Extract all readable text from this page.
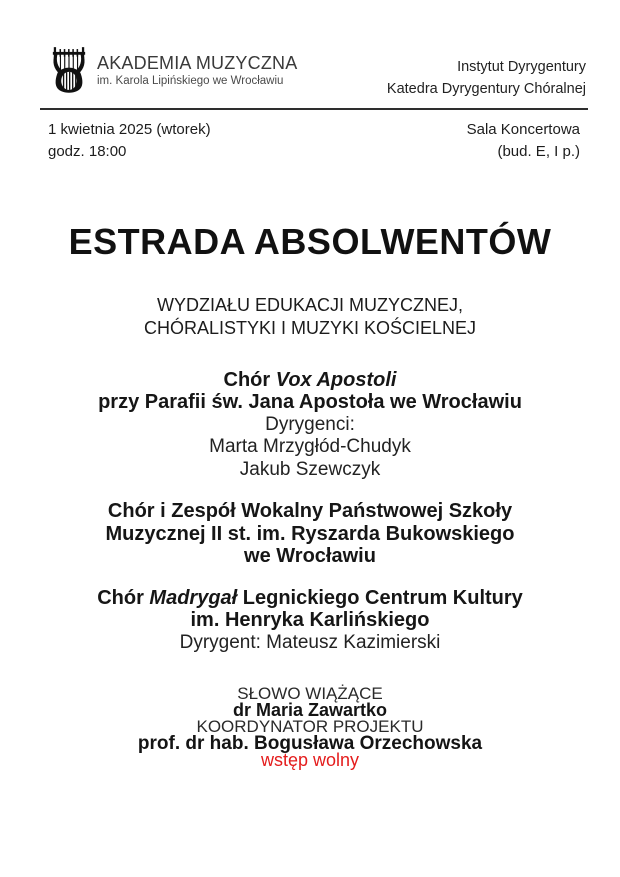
AKADEMIA MUZYCZNA
im. Karola Lipińskiego we Wrocławiu
Instytut Dyrygentury
Katedra Dyrygentury Chóralnej
1 kwietnia 2025 (wtorek)
godz. 18:00
Sala Koncertowa
(bud. E, I p.)
ESTRADA ABSOLWENTÓW
WYDZIAŁU EDUKACJI MUZYCZNEJ,
CHÓRALISTYKI I MUZYKI KOŚCIELNEJ

Chór Vox Apostoli

przy Parafii św. Jana Apostoła we Wrocławiu

Dyrygenci:

Marta Mrzygłód-Chudyk

Jakub Szewczyk

Chór i Zespół Wokalny Państwowej Szkoły

Muzycznej II st. im. Ryszarda Bukowskiego

we Wrocławiu

Chór Madrygał Legnickiego Centrum Kultury

im. Henryka Karlińskiego

Dyrygent: Mateusz Kazimierski

SŁOWO WIĄŻĄCE

dr Maria Zawartko

KOORDYNATOR PROJEKTU

prof. dr hab. Bogusława Orzechowska

wstęp wolny
